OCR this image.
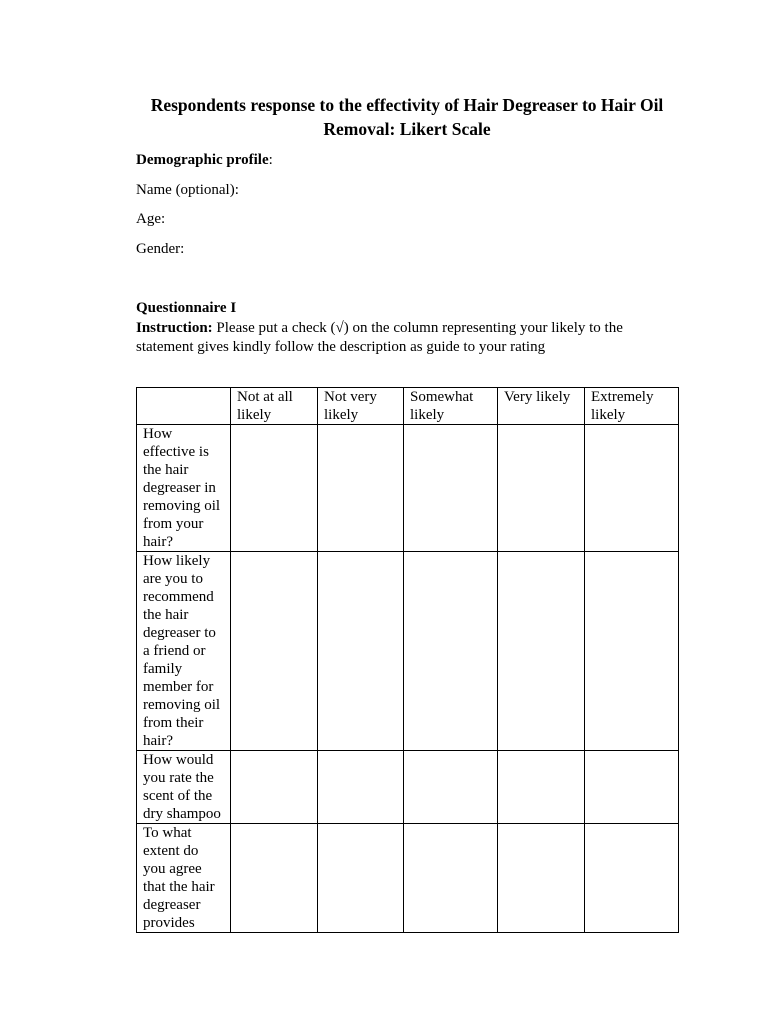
Respondents response to the effectivity of Hair Degreaser to Hair Oil Removal: Likert Scale

Demographic profile:

Name (optional):

Age:

Gender:

Questionnaire I

Instruction: Please put a check (√) on the column representing your likely to the statement gives kindly follow the description as guide to your rating

	Not at all likely	Not very likely	Somewhat likely	Very likely	Extremely likely
How effective is the hair degreaser in removing oil from your hair?					
How likely are you to recommend the hair degreaser to a friend or family member for removing oil from their hair?					
How would you rate the scent of the dry shampoo					
To what extent do you agree that the hair degreaser provides					
